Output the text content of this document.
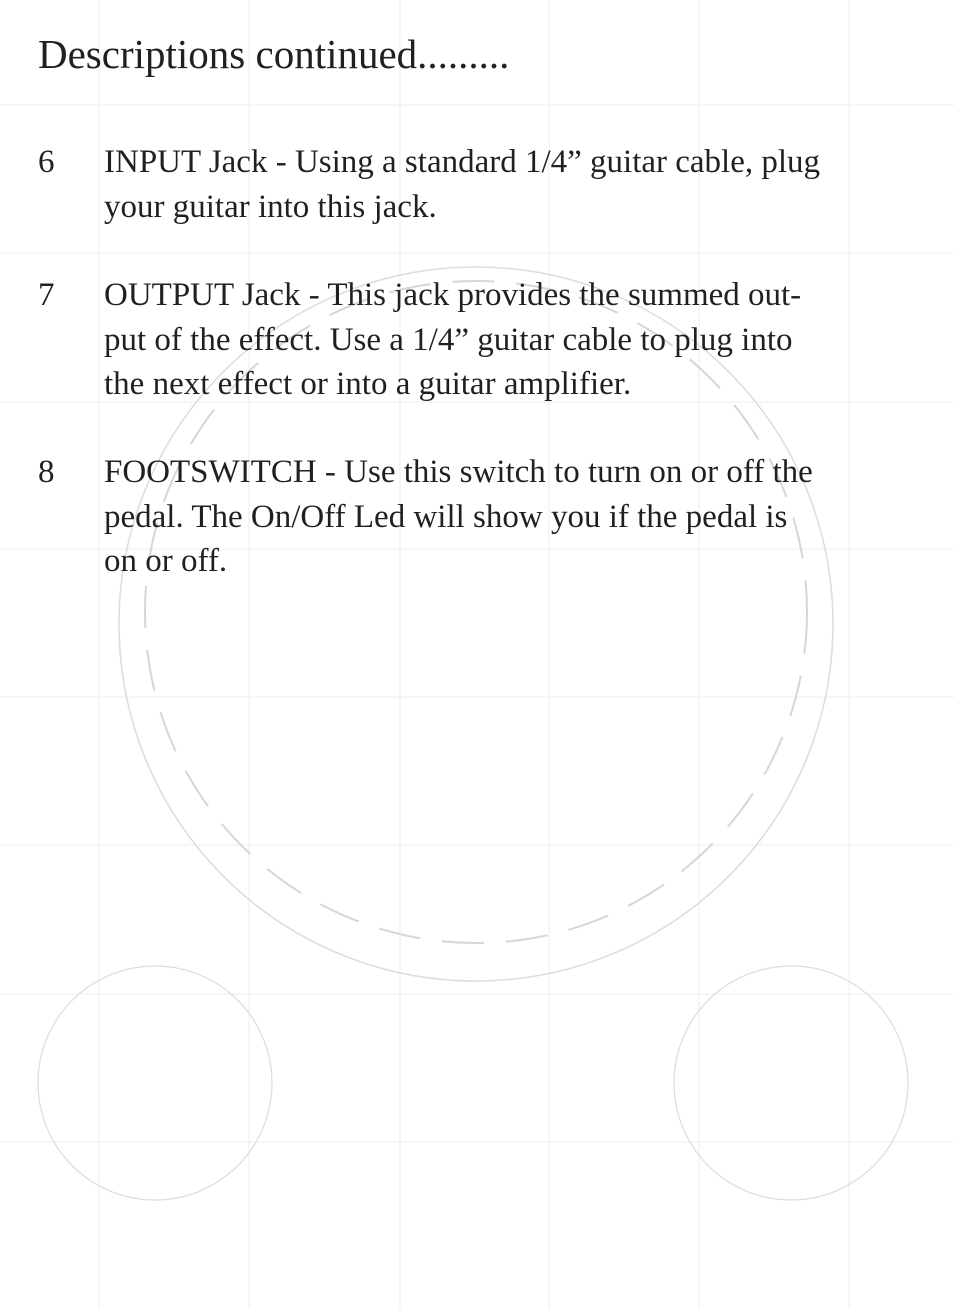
Descriptions continued.........
6 INPUT Jack - Using a standard 1/4” guitar cable, plug
your guitar into this jack.

7 OUTPUT Jack - This jack provides the summed out-
put of the effect. Use a 1/4” guitar cable to plug into
the next effect or into a guitar amplifier.

8 FOOTSWITCH - Use this switch to turn on or off the
pedal. The On/Off Led will show you if the pedal is
on or off.
